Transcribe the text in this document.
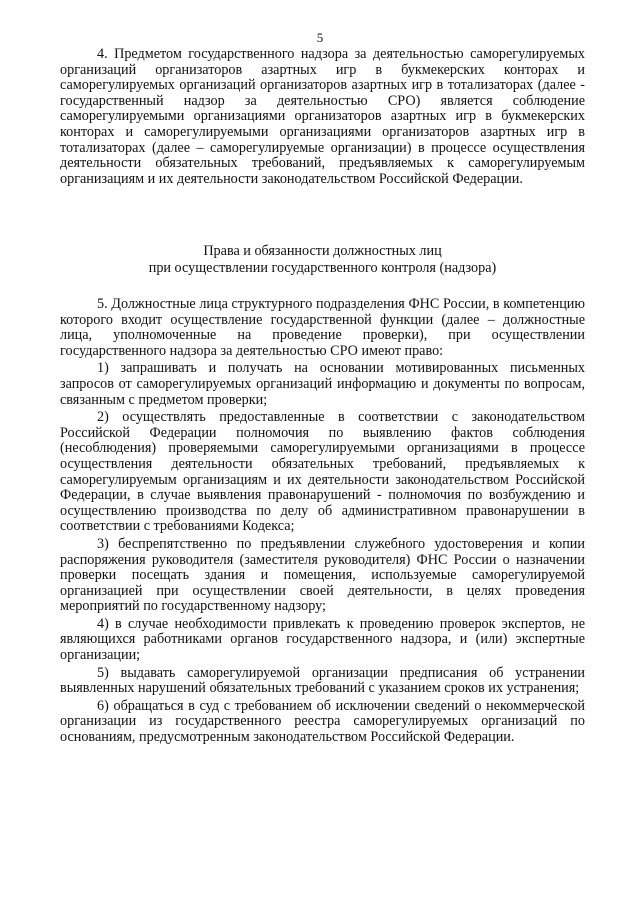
5

4. Предметом государственного надзора за деятельностью саморегулируемых организаций организаторов азартных игр в букмекерских конторах и саморегулируемых организаций организаторов азартных игр в тотализаторах (далее - государственный надзор за деятельностью СРО) является соблюдение саморегулируемыми организациями организаторов азартных игр в букмекерских конторах и саморегулируемыми организациями организаторов азартных игр в тотализаторах (далее – саморегулируемые организации) в процессе осуществления деятельности обязательных требований, предъявляемых к саморегулируемым организациям и их деятельности законодательством Российской Федерации.

Права и обязанности должностных лиц
при осуществлении государственного контроля (надзора)

5. Должностные лица структурного подразделения ФНС России, в компетенцию которого входит осуществление государственной функции (далее – должностные лица, уполномоченные на проведение проверки), при осуществлении государственного надзора за деятельностью СРО имеют право:

1) запрашивать и получать на основании мотивированных письменных запросов от саморегулируемых организаций информацию и документы по вопросам, связанным с предметом проверки;

2) осуществлять предоставленные в соответствии с законодательством Российской Федерации полномочия по выявлению фактов соблюдения (несоблюдения) проверяемыми саморегулируемыми организациями в процессе осуществления деятельности обязательных требований, предъявляемых к саморегулируемым организациям и их деятельности законодательством Российской Федерации, в случае выявления правонарушений - полномочия по возбуждению и осуществлению производства по делу об административном правонарушении в соответствии с требованиями Кодекса;

3) беспрепятственно по предъявлении служебного удостоверения и копии распоряжения руководителя (заместителя руководителя) ФНС России о назначении проверки посещать здания и помещения, используемые саморегулируемой организацией при осуществлении своей деятельности, в целях проведения мероприятий по государственному надзору;

4) в случае необходимости привлекать к проведению проверок экспертов, не являющихся работниками органов государственного надзора, и (или) экспертные организации;

5) выдавать саморегулируемой организации предписания об устранении выявленных нарушений обязательных требований с указанием сроков их устранения;

6) обращаться в суд с требованием об исключении сведений о некоммерческой организации из государственного реестра саморегулируемых организаций по основаниям, предусмотренным законодательством Российской Федерации.
